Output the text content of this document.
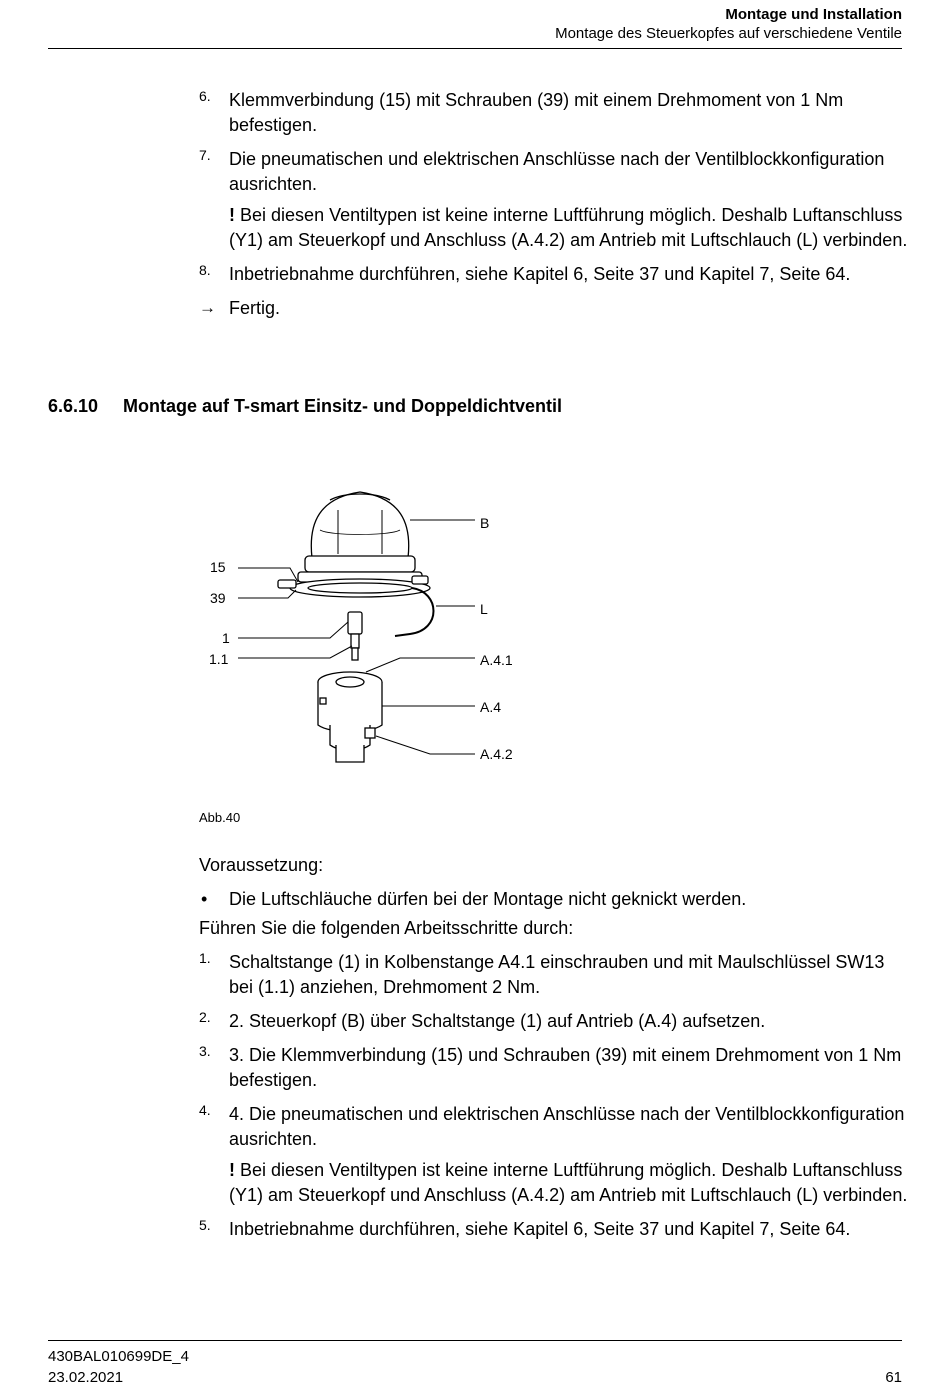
Montage und Installation
Montage des Steuerkopfes auf verschiedene Ventile
6. Klemmverbindung (15) mit Schrauben (39) mit einem Drehmoment von 1 Nm befestigen.
7. Die pneumatischen und elektrischen Anschlüsse nach der Ventilblockkonfiguration ausrichten.
! Bei diesen Ventiltypen ist keine interne Luftführung möglich. Deshalb Luftanschluss (Y1) am Steuerkopf und Anschluss (A.4.2) am Antrieb mit Luftschlauch (L) verbinden.
8. Inbetriebnahme durchführen, siehe Kapitel 6, Seite 37 und Kapitel 7, Seite 64.
→ Fertig.
6.6.10 Montage auf T-smart Einsitz- und Doppeldichtventil
15
39
1
1.1
B
L
A.4.1
A.4
A.4.2
Abb.40
Voraussetzung:
• Die Luftschläuche dürfen bei der Montage nicht geknickt werden.
Führen Sie die folgenden Arbeitsschritte durch:
1. Schaltstange (1) in Kolbenstange A4.1 einschrauben und mit Maulschlüssel SW13 bei (1.1) anziehen, Drehmoment 2 Nm.
2. 2. Steuerkopf (B) über Schaltstange (1) auf Antrieb (A.4) aufsetzen.
3. 3. Die Klemmverbindung (15) und Schrauben (39) mit einem Drehmoment von 1 Nm befestigen.
4. 4. Die pneumatischen und elektrischen Anschlüsse nach der Ventilblockkonfiguration ausrichten.
! Bei diesen Ventiltypen ist keine interne Luftführung möglich. Deshalb Luftanschluss (Y1) am Steuerkopf und Anschluss (A.4.2) am Antrieb mit Luftschlauch (L) verbinden.
5. Inbetriebnahme durchführen, siehe Kapitel 6, Seite 37 und Kapitel 7, Seite 64.
430BAL010699DE_4
23.02.2021	61
